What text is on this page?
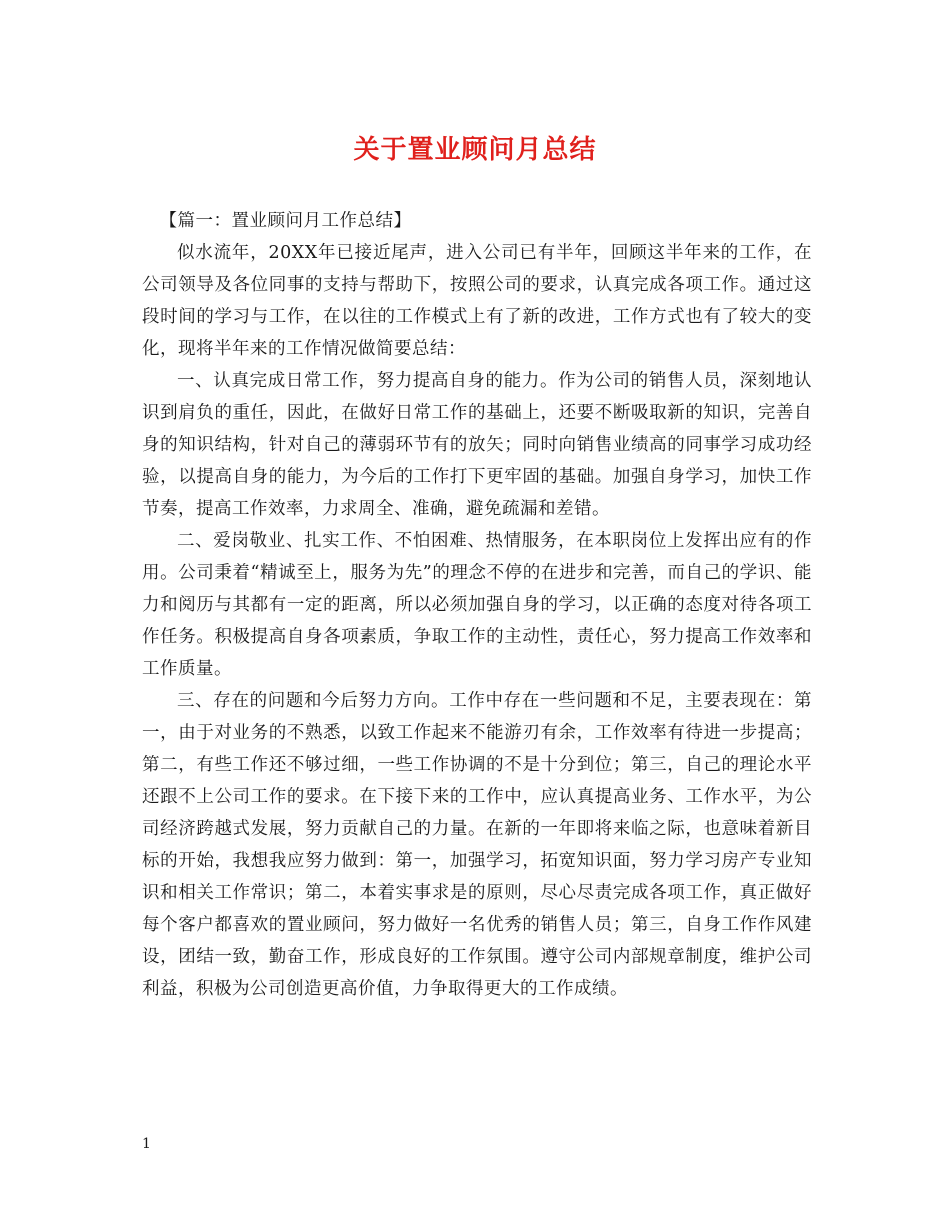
关于置业顾问月总结

【篇一：置业顾问月工作总结】

似水流年，20XX年已接近尾声，进入公司已有半年，回顾这半年来的工作，在公司领导及各位同事的支持与帮助下，按照公司的要求，认真完成各项工作。通过这段时间的学习与工作，在以往的工作模式上有了新的改进，工作方式也有了较大的变化，现将半年来的工作情况做简要总结：

一、认真完成日常工作，努力提高自身的能力。作为公司的销售人员，深刻地认识到肩负的重任，因此，在做好日常工作的基础上，还要不断吸取新的知识，完善自身的知识结构，针对自己的薄弱环节有的放矢；同时向销售业绩高的同事学习成功经验，以提高自身的能力，为今后的工作打下更牢固的基础。加强自身学习，加快工作节奏，提高工作效率，力求周全、准确，避免疏漏和差错。

二、爱岗敬业、扎实工作、不怕困难、热情服务，在本职岗位上发挥出应有的作用。公司秉着“精诚至上，服务为先”的理念不停的在进步和完善，而自己的学识、能力和阅历与其都有一定的距离，所以必须加强自身的学习，以正确的态度对待各项工作任务。积极提高自身各项素质，争取工作的主动性，责任心，努力提高工作效率和工作质量。

三、存在的问题和今后努力方向。工作中存在一些问题和不足，主要表现在：第一，由于对业务的不熟悉，以致工作起来不能游刃有余，工作效率有待进一步提高；第二，有些工作还不够过细，一些工作协调的不是十分到位；第三，自己的理论水平还跟不上公司工作的要求。在下接下来的工作中，应认真提高业务、工作水平，为公司经济跨越式发展，努力贡献自己的力量。在新的一年即将来临之际，也意味着新目标的开始，我想我应努力做到：第一，加强学习，拓宽知识面，努力学习房产专业知识和相关工作常识；第二，本着实事求是的原则，尽心尽责完成各项工作，真正做好每个客户都喜欢的置业顾问，努力做好一名优秀的销售人员；第三，自身工作作风建设，团结一致，勤奋工作，形成良好的工作氛围。遵守公司内部规章制度，维护公司利益，积极为公司创造更高价值，力争取得更大的工作成绩。

1
